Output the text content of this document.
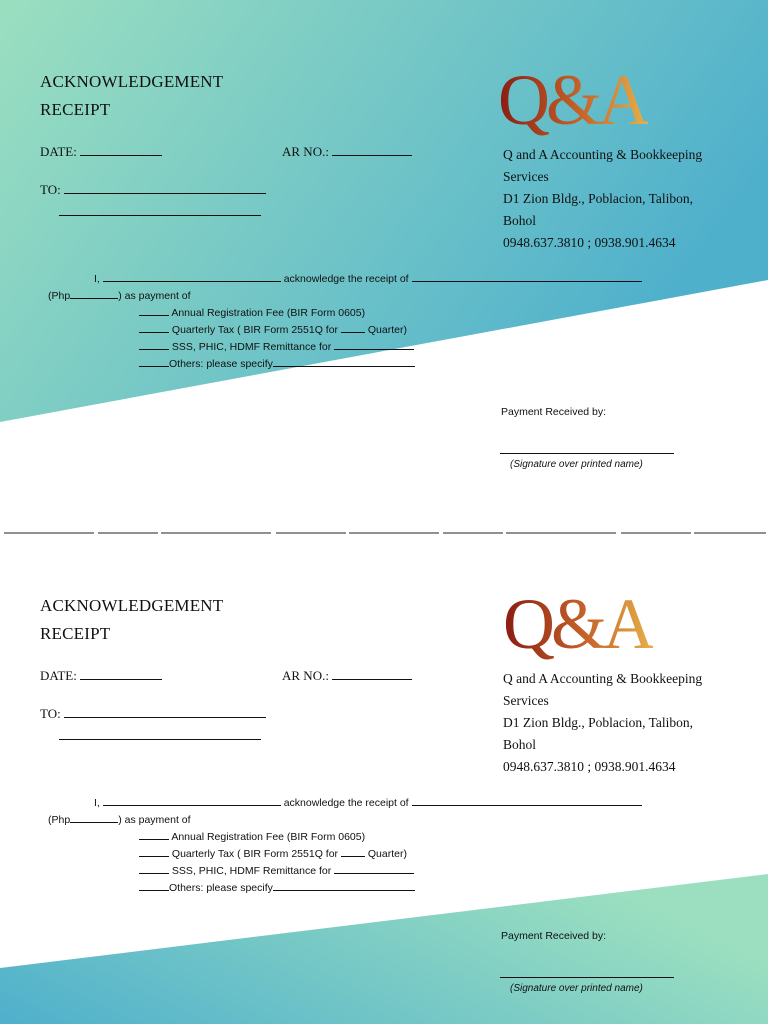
ACKNOWLEDGEMENT
RECEIPT
DATE:	AR NO.:
TO:
Q&A
Q and A Accounting & Bookkeeping
Services
D1 Zion Bldg., Poblacion, Talibon,
Bohol
0948.637.3810 ; 0938.901.4634
I,	acknowledge the receipt of
(Php	) as payment of
Annual Registration Fee (BIR Form 0605)
Quarterly Tax ( BIR Form 2551Q for	Quarter)
SSS, PHIC, HDMF Remittance for
Others: please specify
Payment Received by:
(Signature over printed name)
ACKNOWLEDGEMENT
RECEIPT
DATE:	AR NO.:
TO:
Q&A
Q and A Accounting & Bookkeeping
Services
D1 Zion Bldg., Poblacion, Talibon,
Bohol
0948.637.3810 ; 0938.901.4634
I,	acknowledge the receipt of
(Php	) as payment of
Annual Registration Fee (BIR Form 0605)
Quarterly Tax ( BIR Form 2551Q for	Quarter)
SSS, PHIC, HDMF Remittance for
Others: please specify
Payment Received by:
(Signature over printed name)
